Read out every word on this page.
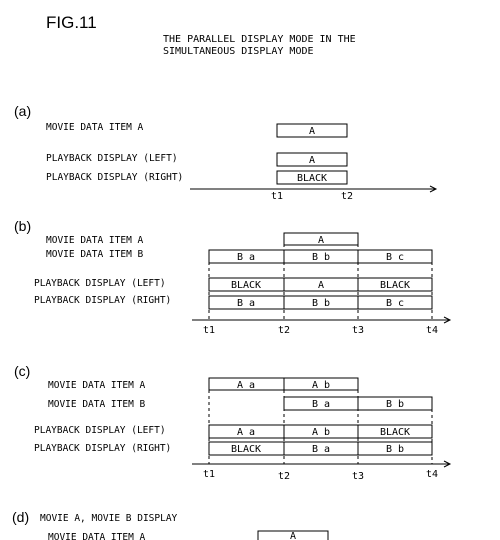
FIG.11
THE PARALLEL DISPLAY MODE IN THE
SIMULTANEOUS DISPLAY MODE
(a)
MOVIE DATA ITEM A
PLAYBACK DISPLAY (LEFT)
PLAYBACK DISPLAY (RIGHT)
A
A
BLACK
t1	t2
(b)
MOVIE DATA ITEM A
MOVIE DATA ITEM B
PLAYBACK DISPLAY (LEFT)
PLAYBACK DISPLAY (RIGHT)
A
B a	B b	B c
BLACK	A	BLACK
B a	B b	B c
t1	t2	t3	t4
(c)
MOVIE DATA ITEM A
MOVIE DATA ITEM B
PLAYBACK DISPLAY (LEFT)
PLAYBACK DISPLAY (RIGHT)
A a	A b
B a	B b
A a	A b	BLACK
BLACK	B a	B b
t1	t2	t3	t4
(d) MOVIE A, MOVIE B DISPLAY
MOVIE DATA ITEM A	A
